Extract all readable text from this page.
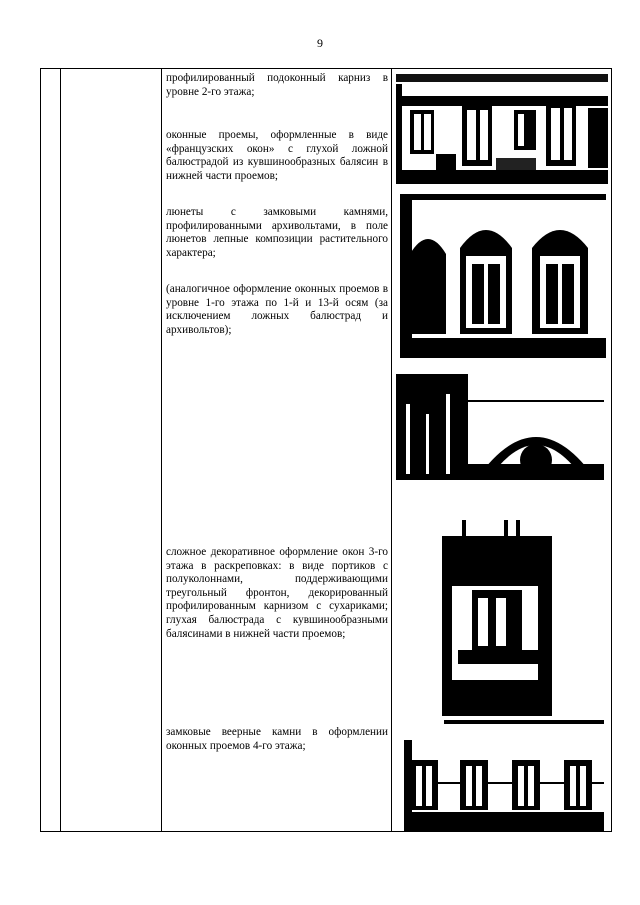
9
профилированный подоконный карниз в уровне 2-го этажа;
оконные проемы, оформленные в виде «французских окон» с глухой ложной балюстрадой из кувшинообразных балясин в нижней части проемов;
люнеты с замковыми камнями, профилированными архивольтами, в поле люнетов лепные композиции растительного характера;
(аналогичное оформление оконных проемов в уровне 1-го этажа по 1-й и 13-й осям (за исключением ложных балюстрад и архивольтов);
сложное декоративное оформление окон 3-го этажа в раскреповках: в виде портиков с полуколоннами, поддерживающими треугольный фронтон, декорированный профилированным карнизом с сухариками; глухая балюстрада с кувшинообразными балясинами в нижней части проемов;
замковые веерные камни в оформлении оконных проемов 4-го этажа;
